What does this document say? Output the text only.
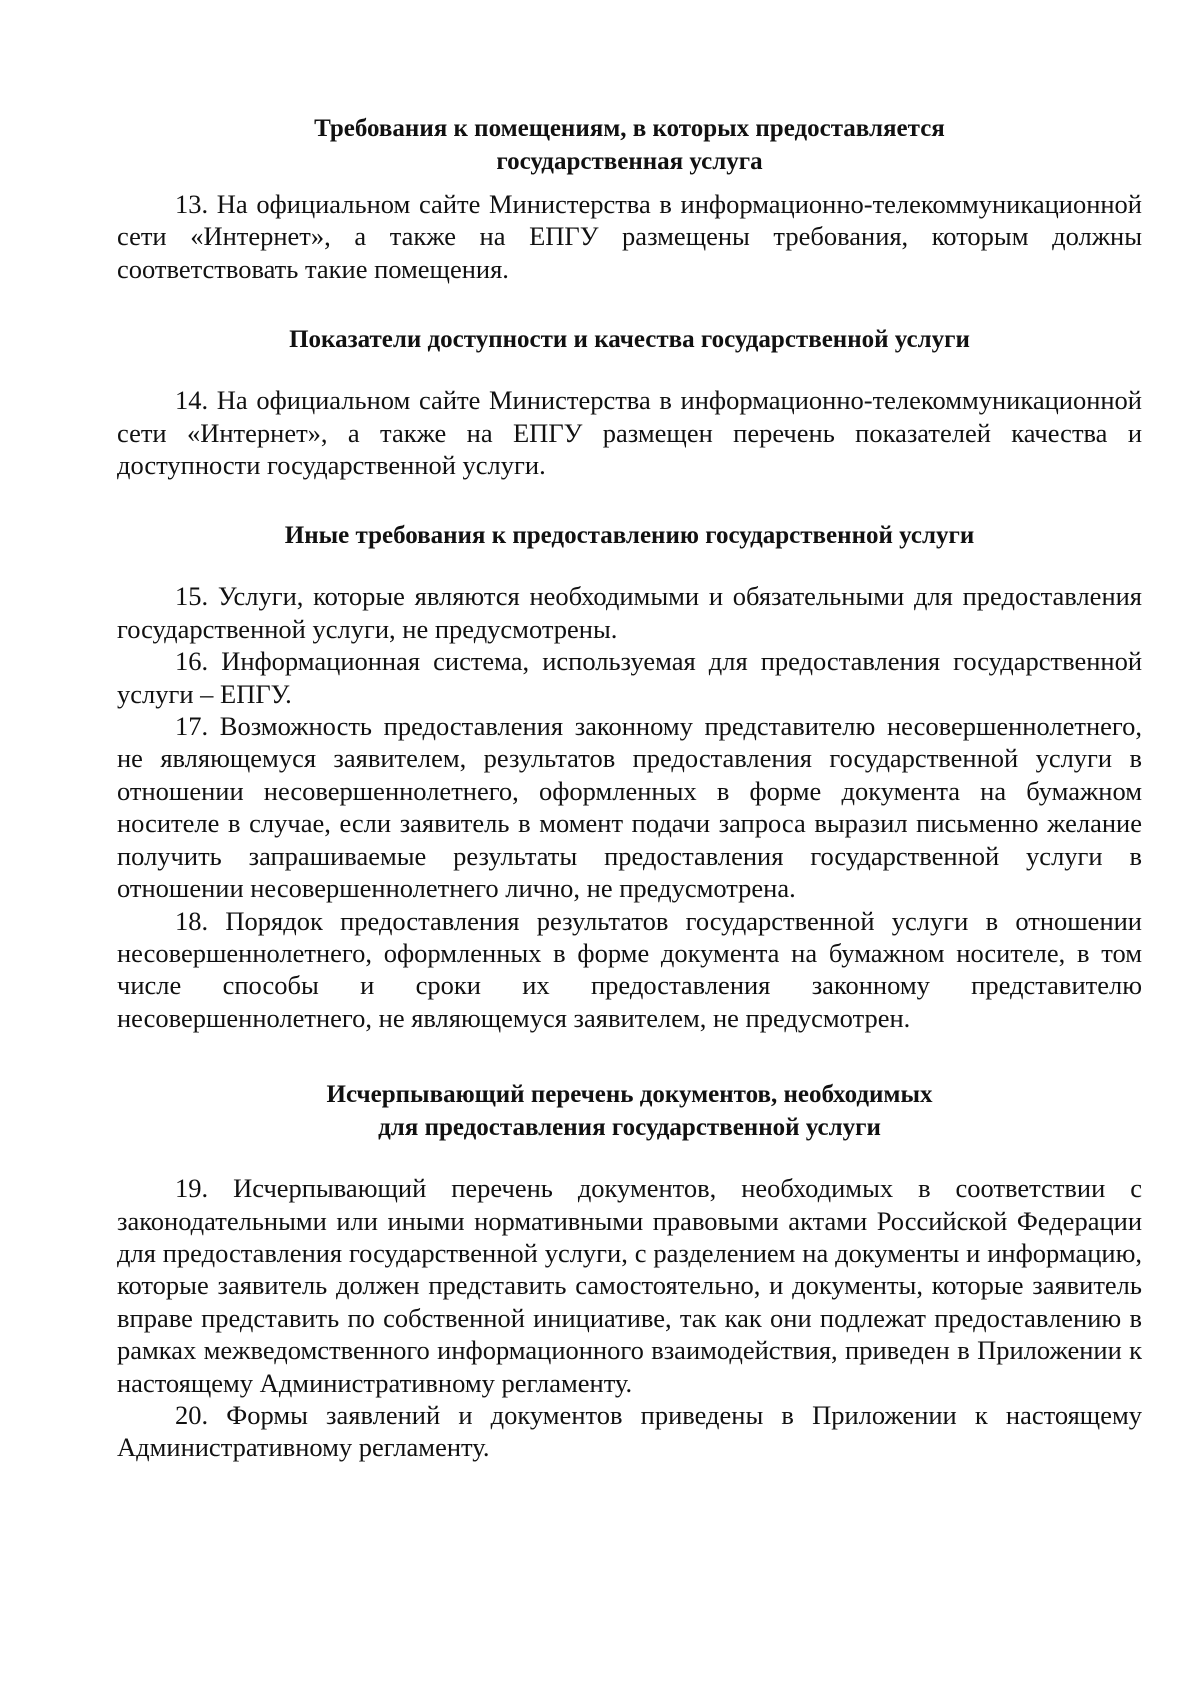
Требования к помещениям, в которых предоставляется
государственная услуга

13. На официальном сайте Министерства в информационно-телекоммуникационной сети «Интернет», а также на ЕПГУ размещены требования, которым должны соответствовать такие помещения.

Показатели доступности и качества государственной услуги

14. На официальном сайте Министерства в информационно-телекоммуникационной сети «Интернет», а также на ЕПГУ размещен перечень показателей качества и доступности государственной услуги.

Иные требования к предоставлению государственной услуги

15. Услуги, которые являются необходимыми и обязательными для предоставления государственной услуги, не предусмотрены.

16. Информационная система, используемая для предоставления государственной услуги – ЕПГУ.

17. Возможность предоставления законному представителю несовершеннолетнего, не являющемуся заявителем, результатов предоставления государственной услуги в отношении несовершеннолетнего, оформленных в форме документа на бумажном носителе в случае, если заявитель в момент подачи запроса выразил письменно желание получить запрашиваемые результаты предоставления государственной услуги в отношении несовершеннолетнего лично, не предусмотрена.

18. Порядок предоставления результатов государственной услуги в отношении несовершеннолетнего, оформленных в форме документа на бумажном носителе, в том числе способы и сроки их предоставления законному представителю несовершеннолетнего, не являющемуся заявителем, не предусмотрен.

Исчерпывающий перечень документов, необходимых
для предоставления государственной услуги

19. Исчерпывающий перечень документов, необходимых в соответствии с законодательными или иными нормативными правовыми актами Российской Федерации для предоставления государственной услуги, с разделением на документы и информацию, которые заявитель должен представить самостоятельно, и документы, которые заявитель вправе представить по собственной инициативе, так как они подлежат предоставлению в рамках межведомственного информационного взаимодействия, приведен в Приложении к настоящему Административному регламенту.

20. Формы заявлений и документов приведены в Приложении к настоящему Административному регламенту.
